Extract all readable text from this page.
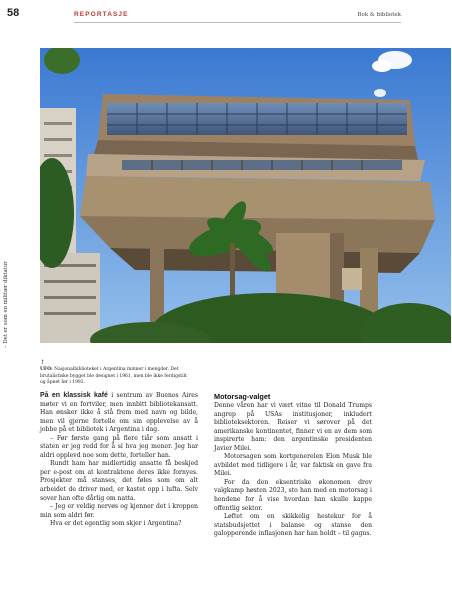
58	REPORTASJE	Bok & bibliotek
– Det er som en militær diktatur
↑
UFO: Nasjonalbiblioteket i Argentina minner i mengder. Det brutalistiske bygget ble designet i 1961, men ble ikke ferdigstilt og åpnet før i 1992.

På en klassisk kafé i sentrum av Buenos Aires møter vi en fortviler, men innbitt bibliotekansatt. Han ønsker ikke å stå frem med navn og bilde, men vil gjerne fortelle om sin opplevelse av å jobbe på et bibliotek i Argentina i dag.

– Før første gang på flere tiår som ansatt i staten er jeg redd for å si hva jeg mener. Jeg har aldri opplevd noe som dette, forteller han.

Rundt ham har midlertidig ansatte få beskjed per e-post om at kontraktene deres ikke fornyes. Prosjekter må stanses, det føles som om alt arbeidet de driver med, er kastet opp i lufta. Selv sover han ofte dårlig om natta.

– Jeg er veldig nervøs og kjenner det i kroppen min som aldri før.

Hva er det egentlig som skjer i Argentina?

Motorsag-valget

Denne våren har vi vært vitne til Donald Trumps angrep på USAs institusjoner, inkludert biblioteksektoren. Reiser vi sørover på det amerikanske kontinentet, finner vi en av dem som inspirerte ham: den argentinske presidenten Javier Milei.

Motorsagen som kortgenerelen Elon Musk ble avbildet med tidligere i år, var faktisk en gave fra Milei.

For da den eksentriske økonomen drev valgkamp høsten 2023, sto han med en motorsag i hendene for å vise hvordan han skulle kappe offentlig sektor.

Løftet om en skikkelig hestekur for å statsbudsjettet i balanse og stanse den galopperende inflasjonen har han holdt – til gagns.
